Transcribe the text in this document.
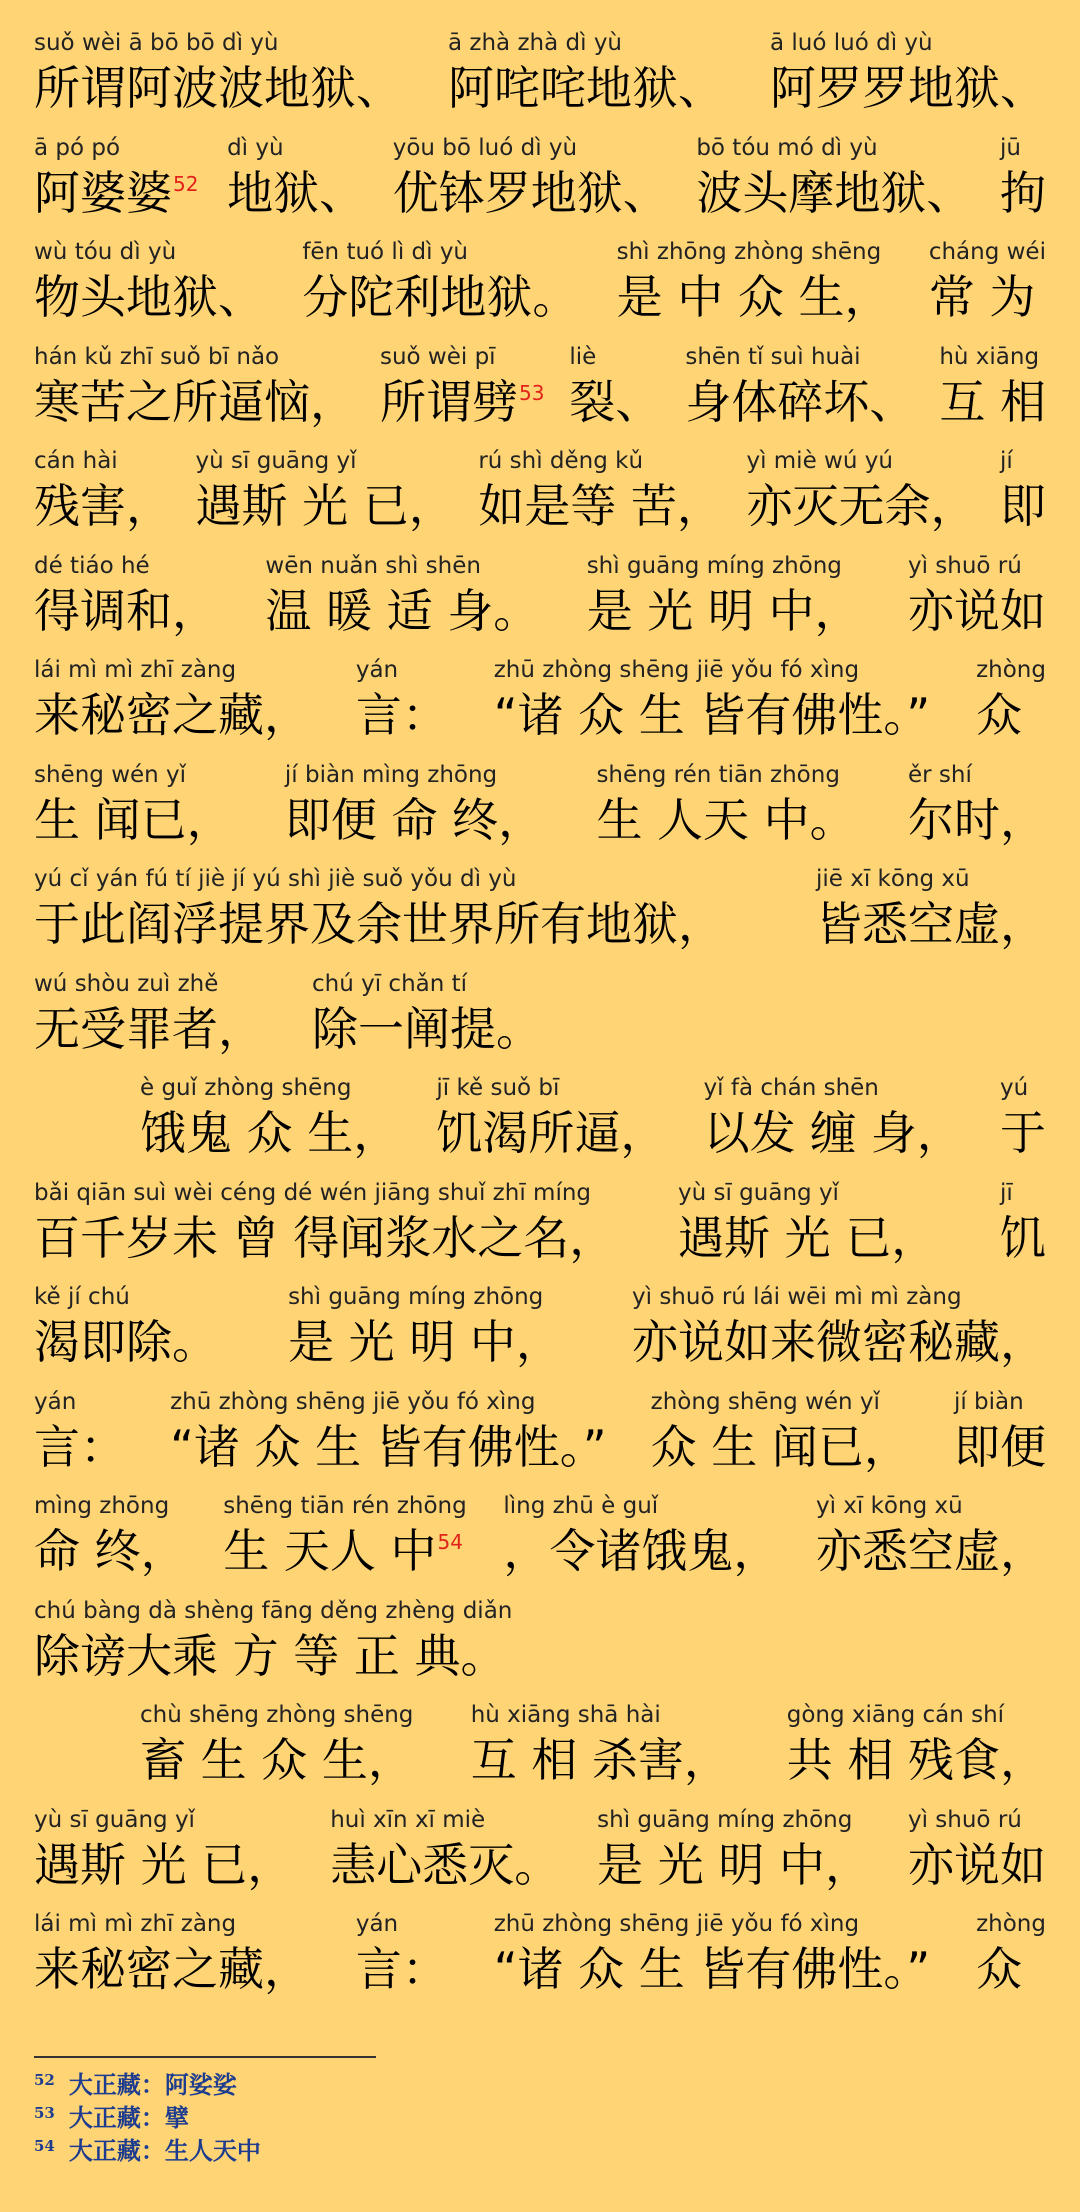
suǒ wèi ā bō bō dì yù
所谓阿波波地狱、
ā zhà zhà dì yù
阿咤咤地狱、
ā luó luó dì yù
阿罗罗地狱、
ā pó pó
阿婆婆$^{52}$
dì yù
地狱、
yōu bō luó dì yù
优钵罗地狱、
bō tóu mó dì yù
波头摩地狱、
jū
拘
wù tóu dì yù
物头地狱、
fēn tuó lì dì yù
分陀利地狱。
shì zhōng zhòng shēng
是 中 众 生，
cháng wéi
常 为
hán kǔ zhī suǒ bī nǎo
寒苦之所逼恼，
suǒ wèi pī
所谓劈$^{53}$
liè
裂、
shēn tǐ suì huài
身体碎坏、
hù xiāng
互 相
cán hài
残害，
yù sī guāng yǐ
遇斯 光 已，
rú shì děng kǔ
如是等 苦，
yì miè wú yú
亦灭无余，
jí
即
dé tiáo hé
得调和，
wēn nuǎn shì shēn
温 暖 适 身。
shì guāng míng zhōng
是 光 明 中，
yì shuō rú
亦说如
lái mì mì zhī zàng
来秘密之藏，
yán
言：
zhū zhòng shēng jiē yǒu fó xìng
“诸 众 生 皆有佛性。”
zhòng
众
shēng wén yǐ
生 闻已，
jí biàn mìng zhōng
即便 命 终，
shēng rén tiān zhōng
生 人天 中。
ěr shí
尔时，
yú cǐ yán fú tí jiè jí yú shì jiè suǒ yǒu dì yù
于此阎浮提界及余世界所有地狱，
jiē xī kōng xū
皆悉空虚，
wú shòu zuì zhě
无受罪者，
chú yī chǎn tí
除一阐提。
è guǐ zhòng shēng
饿鬼 众 生，
jī kě suǒ bī
饥渴所逼，
yǐ fà chán shēn
以发 缠 身，
yú
于
bǎi qiān suì wèi céng dé wén jiāng shuǐ zhī míng
百千岁未 曾 得闻浆水之名，
yù sī guāng yǐ
遇斯 光 已，
jī
饥
kě jí chú
渴即除。
shì guāng míng zhōng
是 光 明 中，
yì shuō rú lái wēi mì mì zàng
亦说如来微密秘藏，
yán
言：
zhū zhòng shēng jiē yǒu fó xìng
“诸 众 生 皆有佛性。”
zhòng shēng wén yǐ
众 生 闻已，
jí biàn
即便
mìng zhōng
命 终，
shēng tiān rén zhōng
生 天人 中$^{54}$
lìng zhū è guǐ
，令诸饿鬼，
yì xī kōng xū
亦悉空虚，
chú bàng dà shèng fāng děng zhèng diǎn
除谤大乘 方 等 正 典。
chù shēng zhòng shēng
畜 生 众 生，
hù xiāng shā hài
互 相 杀害，
gòng xiāng cán shí
共 相 残食，
yù sī guāng yǐ
遇斯 光 已，
huì xīn xī miè
恚心悉灭。
shì guāng míng zhōng
是 光 明 中，
yì shuō rú
亦说如
lái mì mì zhī zàng
来秘密之藏，
yán
言：
zhū zhòng shēng jiē yǒu fó xìng
“诸 众 生 皆有佛性。”
zhòng
众
$^{52}$ 大正藏：阿娑娑
$^{53}$ 大正藏：擘
$^{54}$ 大正藏：生人天中
